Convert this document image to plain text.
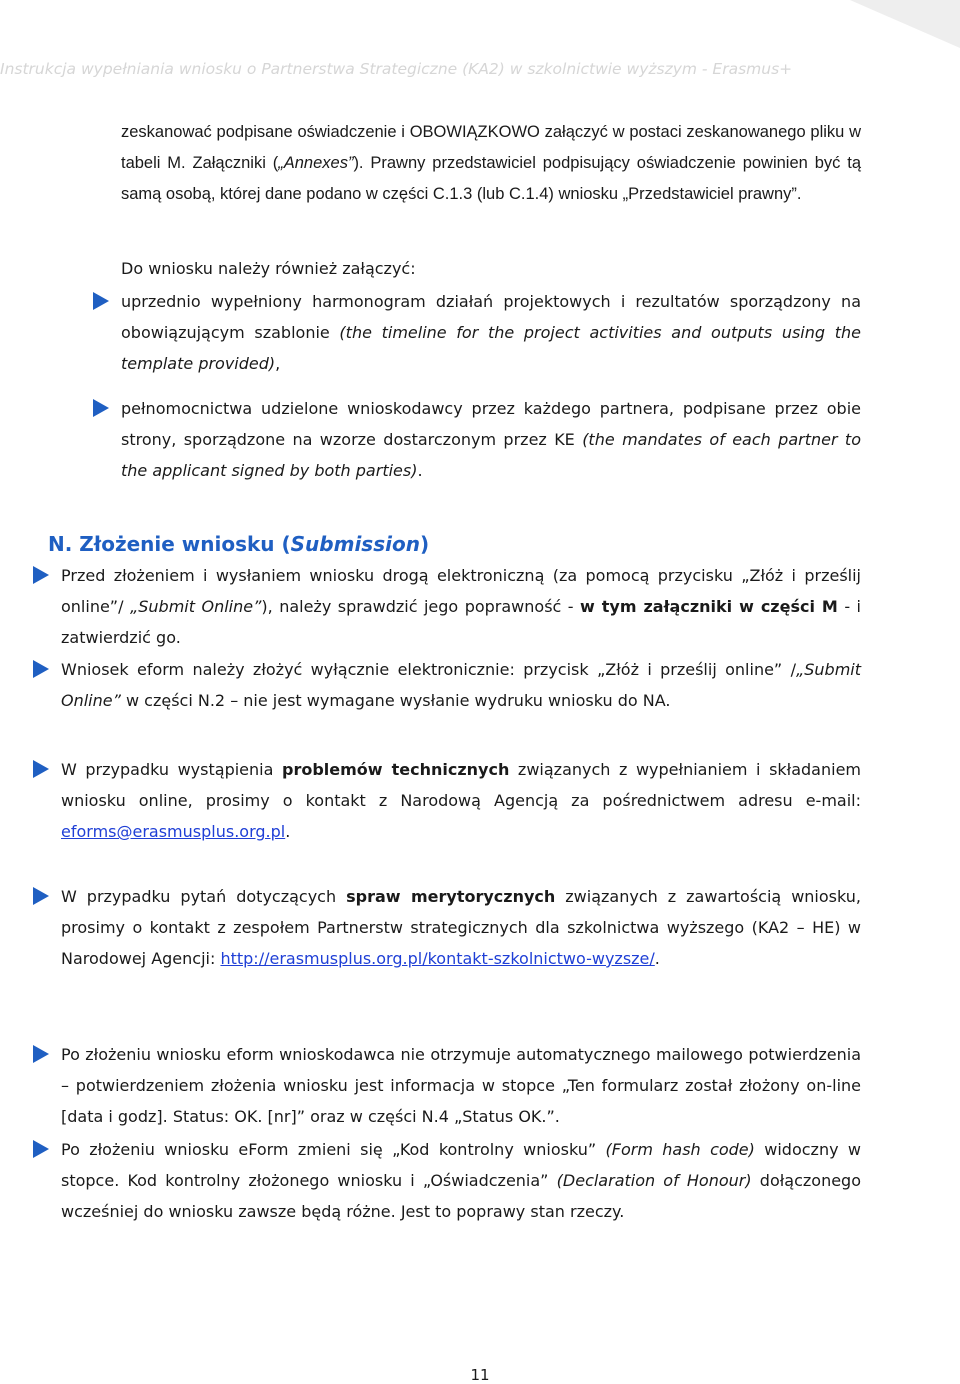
Instrukcja wypełniania wniosku o Partnerstwa Strategiczne (KA2) w szkolnictwie wyższym - Erasmus+
zeskanować podpisane oświadczenie i OBOWIĄZKOWO załączyć w postaci zeskanowanego pliku w tabeli M. Załączniki („Annexes”). Prawny przedstawiciel podpisujący oświadczenie powinien być tą samą osobą, której dane podano w części C.1.3 (lub C.1.4) wniosku „Przedstawiciel prawny”.
Do wniosku należy również załączyć:
uprzednio wypełniony harmonogram działań projektowych i rezultatów sporządzony na obowiązującym szablonie (the timeline for the project activities and outputs using the template provided),
pełnomocnictwa udzielone wnioskodawcy przez każdego partnera, podpisane przez obie strony, sporządzone na wzorze dostarczonym przez KE (the mandates of each partner to the applicant signed by both parties).
N. Złożenie wniosku (Submission)
Przed złożeniem i wysłaniem wniosku drogą elektroniczną (za pomocą przycisku „Złóż i prześlij online”/ „Submit Online”), należy sprawdzić jego poprawność - w tym załączniki w części M - i zatwierdzić go.
Wniosek eform należy złożyć wyłącznie elektronicznie: przycisk „Złóż i prześlij online” /„Submit Online” w części N.2 – nie jest wymagane wysłanie wydruku wniosku do NA.
W przypadku wystąpienia problemów technicznych związanych z wypełnianiem i składaniem wniosku online, prosimy o kontakt z Narodową Agencją za pośrednictwem adresu e-mail: eforms@erasmusplus.org.pl.
W przypadku pytań dotyczących spraw merytorycznych związanych z zawartością wniosku, prosimy o kontakt z zespołem Partnerstw strategicznych dla szkolnictwa wyższego (KA2 – HE) w Narodowej Agencji: http://erasmusplus.org.pl/kontakt-szkolnictwo-wyzsze/.
Po złożeniu wniosku eform wnioskodawca nie otrzymuje automatycznego mailowego potwierdzenia – potwierdzeniem złożenia wniosku jest informacja w stopce „Ten formularz został złożony on-line [data i godz]. Status: OK. [nr]” oraz w części N.4 „Status OK.”.
Po złożeniu wniosku eForm zmieni się „Kod kontrolny wniosku” (Form hash code) widoczny w stopce. Kod kontrolny złożonego wniosku i „Oświadczenia” (Declaration of Honour) dołączonego wcześniej do wniosku zawsze będą różne. Jest to poprawy stan rzeczy.
11
